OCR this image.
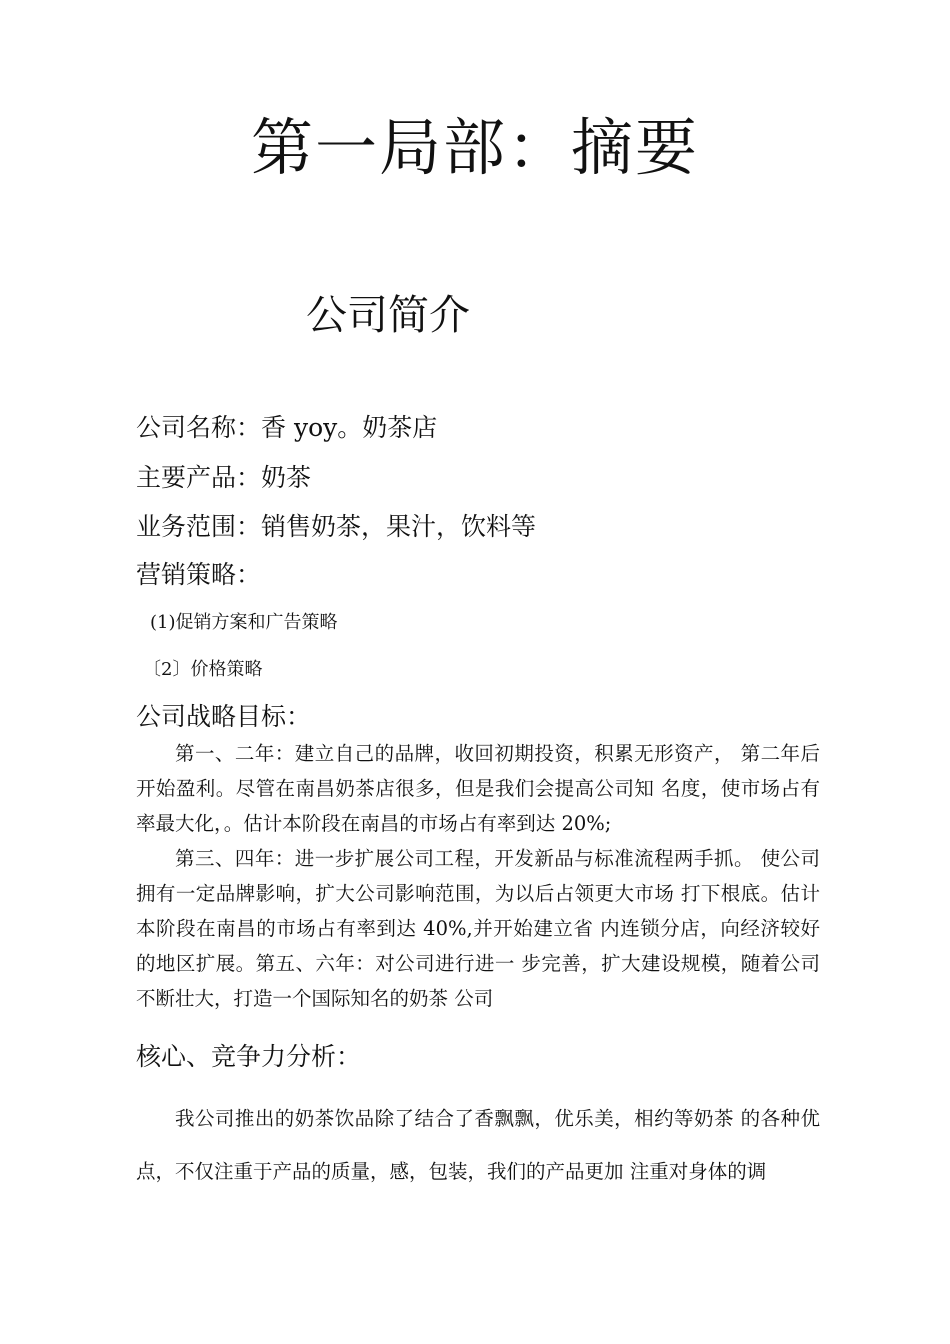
第一局部：摘要
公司简介
公司名称：香 yoy。奶茶店
主要产品：奶茶
业务范围：销售奶茶，果汁，饮料等
营销策略：
(1)促销方案和广告策略
〔2〕价格策略
公司战略目标：
第一、二年：建立自己的品牌，收回初期投资，积累无形资产， 第二年后开始盈利。尽管在南昌奶茶店很多，但是我们会提高公司知 名度，使市场占有率最大化，。估计本阶段在南昌的市场占有率到达 20%;
第三、四年：进一步扩展公司工程，开发新品与标准流程两手抓。 使公司拥有一定品牌影响，扩大公司影响范围，为以后占领更大市场 打下根底。估计本阶段在南昌的市场占有率到达 40%,并开始建立省 内连锁分店，向经济较好的地区扩展。第五、六年：对公司进行进一 步完善，扩大建设规模，随着公司不断壮大，打造一个国际知名的奶茶 公司
核心、竞争力分析：
我公司推出的奶茶饮品除了结合了香飘飘，优乐美，相约等奶茶 的各种优点，不仅注重于产品的质量，感，包装，我们的产品更加 注重对身体的调
